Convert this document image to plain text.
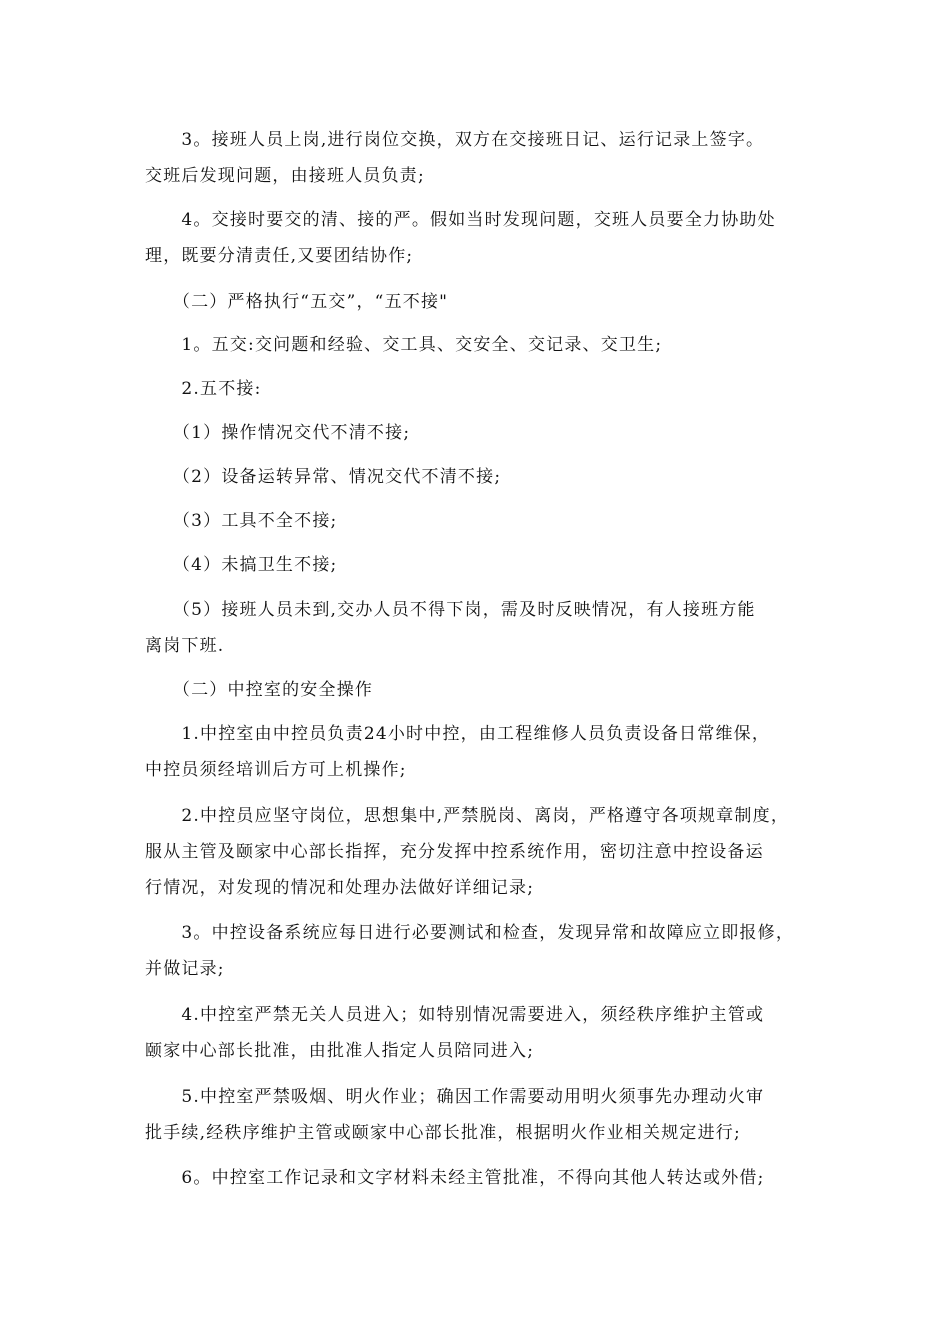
　　3。接班人员上岗,进行岗位交换，双方在交接班日记、运行记录上签字。
交班后发现问题，由接班人员负责;
　　4。交接时要交的清、接的严。假如当时发现问题，交班人员要全力协助处
理，既要分清责任,又要团结协作;
　　（二）严格执行“五交”，“五不接"
　　1。五交:交问题和经验、交工具、交安全、交记录、交卫生;
　　2.五不接:
　　（1）操作情况交代不清不接;
　　（2）设备运转异常、情况交代不清不接;
　　（3）工具不全不接;
　　（4）未搞卫生不接;
　　（5）接班人员未到,交办人员不得下岗，需及时反映情况，有人接班方能
离岗下班.
　　（二）中控室的安全操作
　　1.中控室由中控员负责24小时中控，由工程维修人员负责设备日常维保，
中控员须经培训后方可上机操作;
　　2.中控员应坚守岗位，思想集中,严禁脱岗、离岗，严格遵守各项规章制度，
服从主管及颐家中心部长指挥，充分发挥中控系统作用，密切注意中控设备运
行情况，对发现的情况和处理办法做好详细记录;
　　3。中控设备系统应每日进行必要测试和检查，发现异常和故障应立即报修，
并做记录;
　　4.中控室严禁无关人员进入；如特别情况需要进入，须经秩序维护主管或
颐家中心部长批准，由批准人指定人员陪同进入;
　　5.中控室严禁吸烟、明火作业；确因工作需要动用明火须事先办理动火审
批手续,经秩序维护主管或颐家中心部长批准，根据明火作业相关规定进行;
　　6。中控室工作记录和文字材料未经主管批准，不得向其他人转达或外借;
